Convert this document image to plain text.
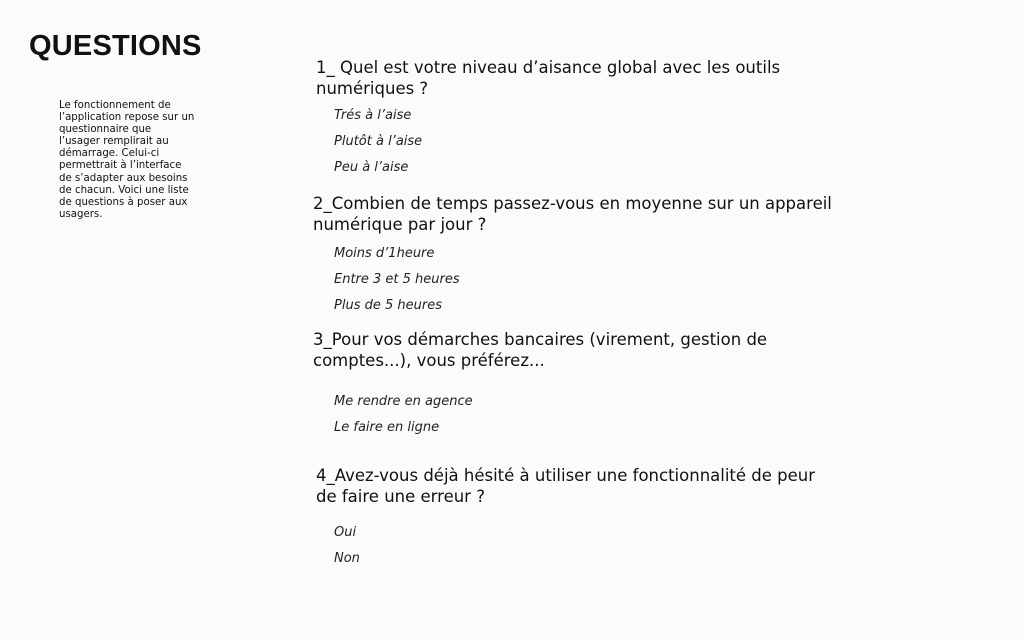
QUESTIONS

Le fonctionnement de l’application repose sur un questionnaire que l’usager remplirait au démarrage. Celui-ci permettrait à l’interface de s’adapter aux besoins de chacun. Voici une liste de questions à poser aux usagers.

1_ Quel est votre niveau d’aisance global avec les outils numériques ?

Trés à l’aise

Plutôt à l’aise

Peu à l’aise

2_Combien de temps passez-vous en moyenne sur un appareil numérique par jour ?

Moins d’1heure

Entre 3 et 5 heures

Plus de 5 heures

3_Pour vos démarches bancaires (virement, gestion de comptes...), vous préférez...

Me rendre en agence

Le faire en ligne

4_Avez-vous déjà hésité à utiliser une fonctionnalité de peur de faire une erreur ?

Oui

Non
